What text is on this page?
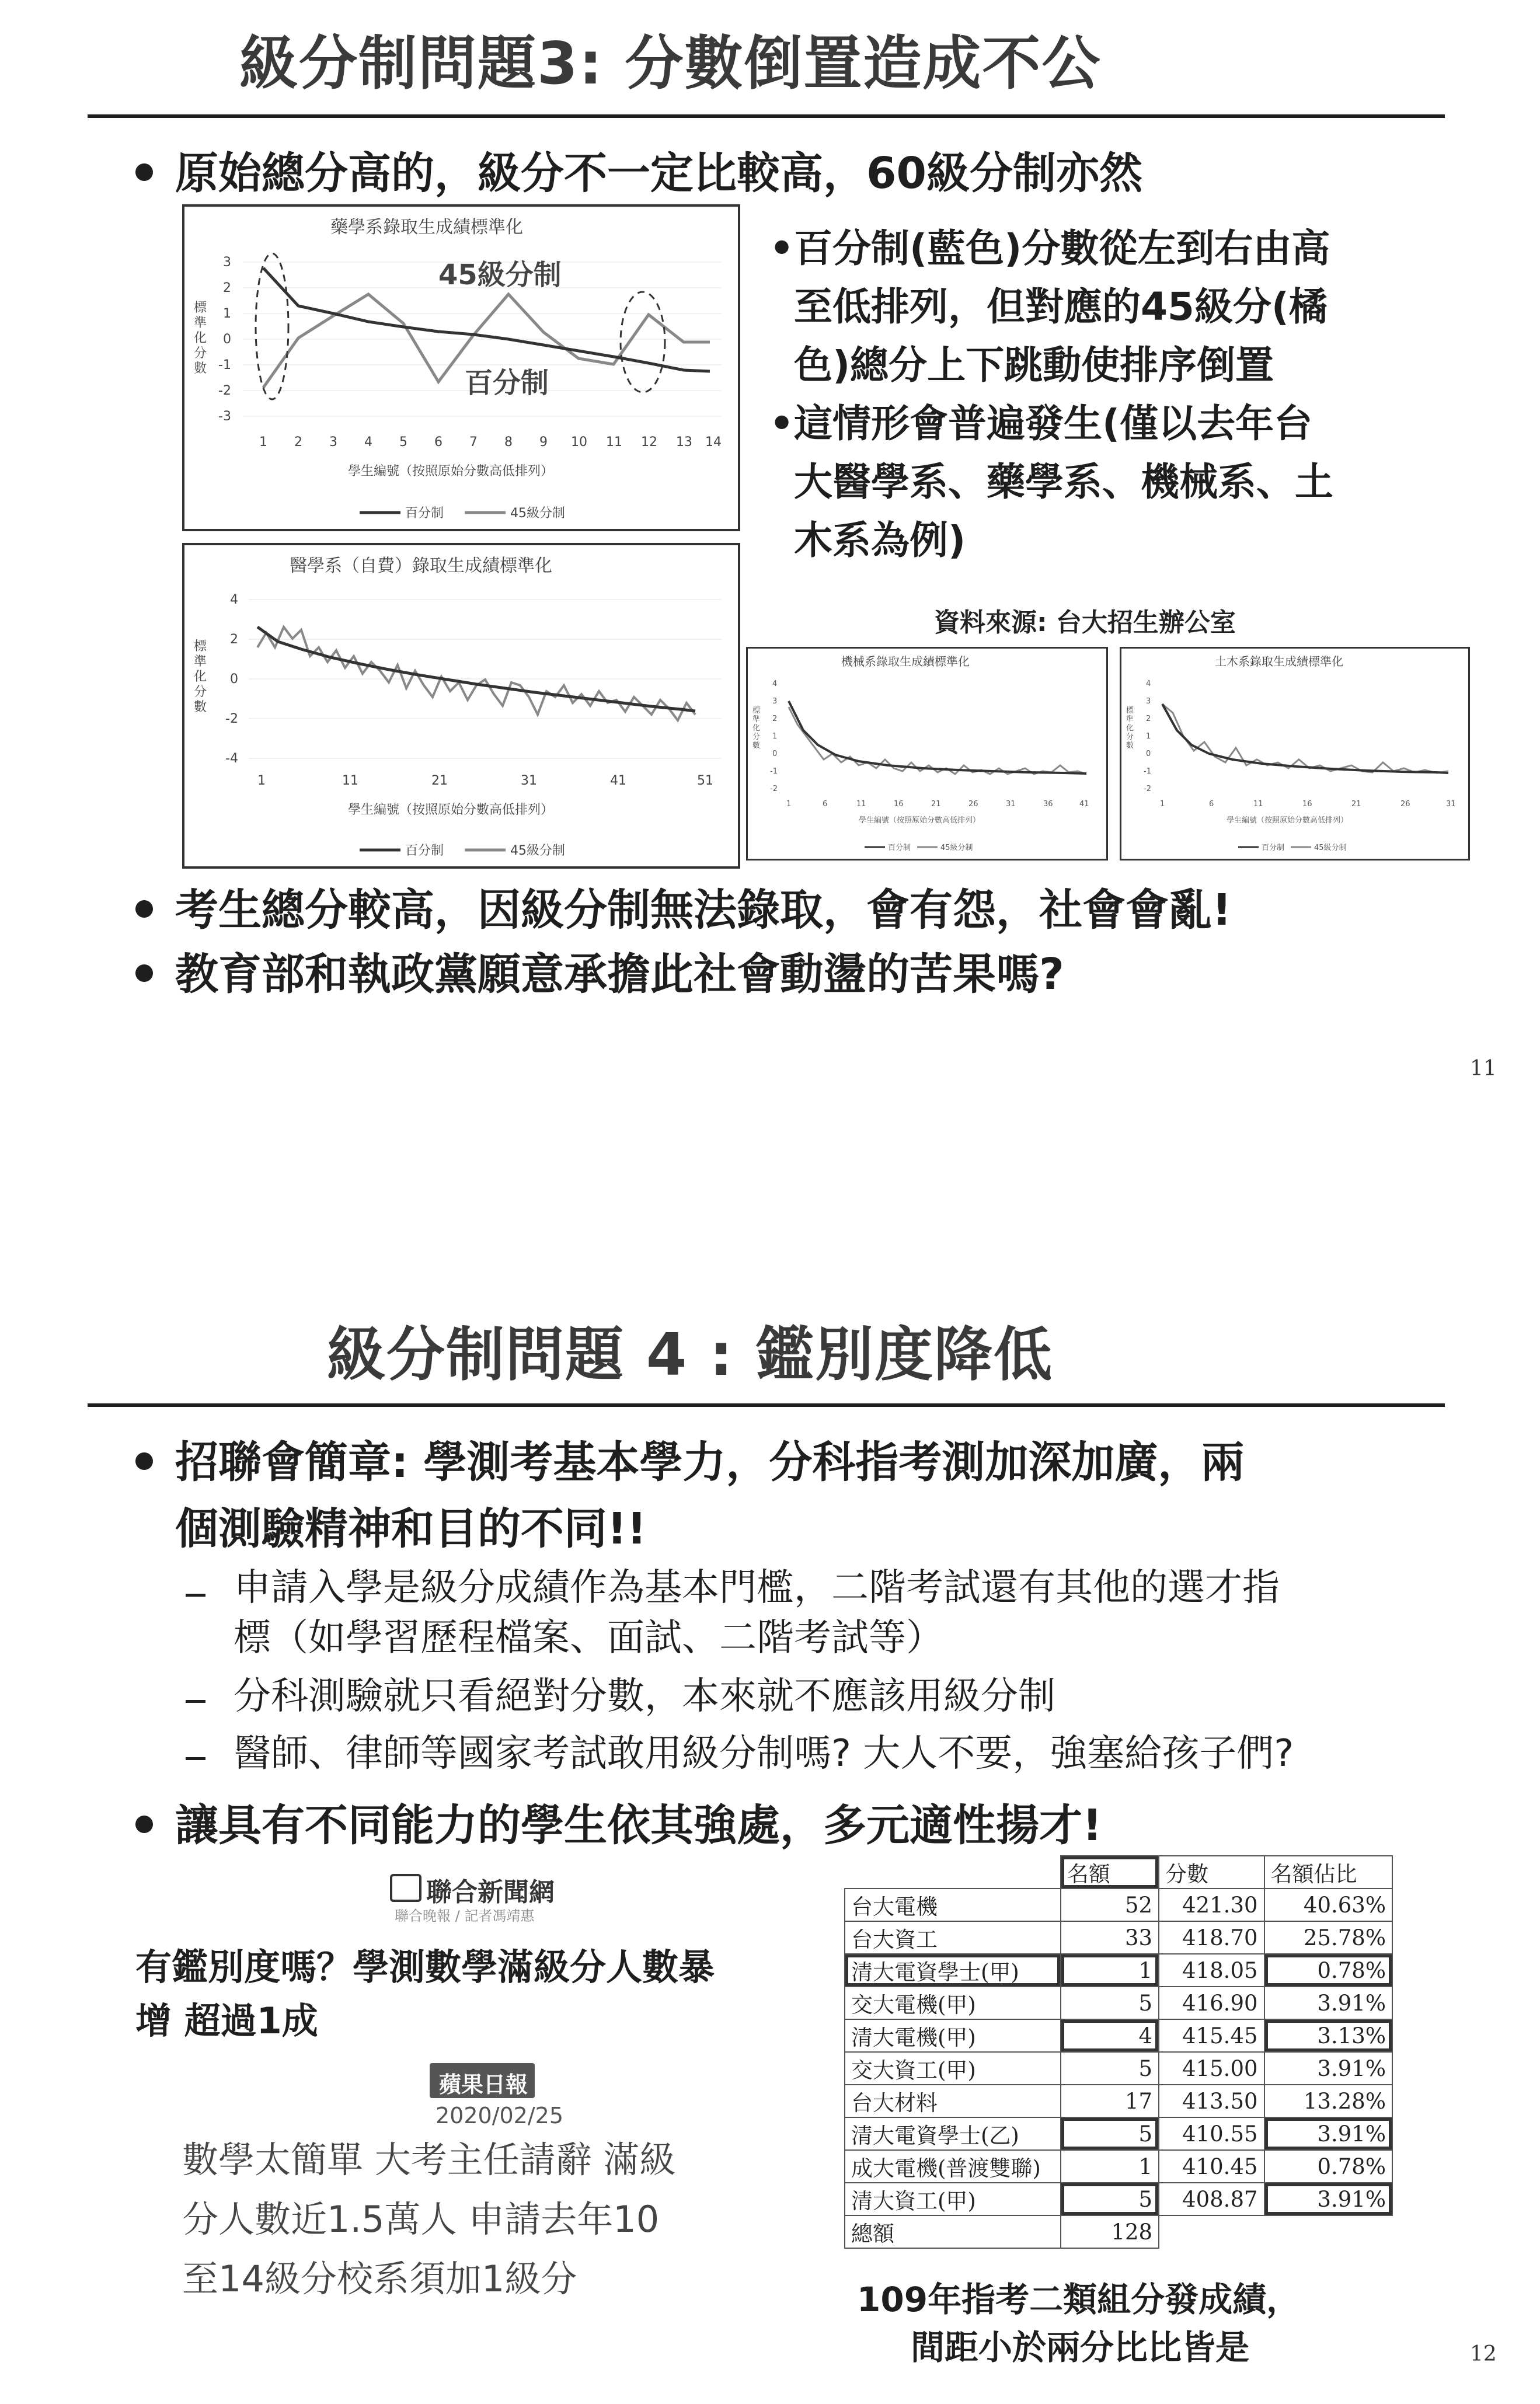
級分制問題3: 分數倒置造成不公
原始總分高的，級分不一定比較高，60級分制亦然
藥學系錄取生成績標準化
標
準
化
分
數
3
2
1
0
-1
-2
-3
45級分制
百分制
1 2 3 4 5 6 7 8 9 10 11 12 13 14
學生編號（按照原始分數高低排列）
百分制	45級分制
醫學系（自費）錄取生成績標準化
標
準
化
分
數
4
2
0
-2
-4
1	11	21	31	41	51
學生編號（按照原始分數高低排列）
百分制	45級分制
• 百分制(藍色)分數從左到右由高
至低排列，但對應的45級分(橘
色)總分上下跳動使排序倒置
• 這情形會普遍發生(僅以去年台
大醫學系、藥學系、機械系、土
木系為例)
資料來源: 台大招生辦公室
機械系錄取生成績標準化
標
準
化
分
數
4
3
2
1
0
-1
-2
1	6	11	16	21	26	31	36	41
學生編號（按照原始分數高低排列）
百分制	45級分制
土木系錄取生成績標準化
標
準
化
分
數
4
3
2
1
0
-1
-2
1	6	11	16	21	26	31
學生編號（按照原始分數高低排列）
百分制	45級分制
考生總分較高，因級分制無法錄取，會有怨，社會會亂!
教育部和執政黨願意承擔此社會動盪的苦果嗎?
11
級分制問題 4 : 鑑別度降低
招聯會簡章: 學測考基本學力，分科指考測加深加廣，兩
個測驗精神和目的不同!!
申請入學是級分成績作為基本門檻，二階考試還有其他的選才指
標（如學習歷程檔案、面試、二階考試等）
分科測驗就只看絕對分數，本來就不應該用級分制
醫師、律師等國家考試敢用級分制嗎? 大人不要，強塞給孩子們?
讓具有不同能力的學生依其強處，多元適性揚才!
聯合新聞網
聯合晚報 / 記者馮靖惠
有鑑別度嗎？學測數學滿級分人數暴
增 超過1成
蘋果日報
2020/02/25
數學太簡單 大考主任請辭 滿級
分人數近1.5萬人 申請去年10
至14級分校系須加1級分
	名額	分數	名額佔比
台大電機	52	421.30	40.63%
台大資工	33	418.70	25.78%
清大電資學士(甲)	1	418.05	0.78%
交大電機(甲)	5	416.90	3.91%
清大電機(甲)	4	415.45	3.13%
交大資工(甲)	5	415.00	3.91%
台大材料	17	413.50	13.28%
清大電資學士(乙)	5	410.55	3.91%
成大電機(普渡雙聯)	1	410.45	0.78%
清大資工(甲)	5	408.87	3.91%
總額	128		
109年指考二類組分發成績，
間距小於兩分比比皆是	12
